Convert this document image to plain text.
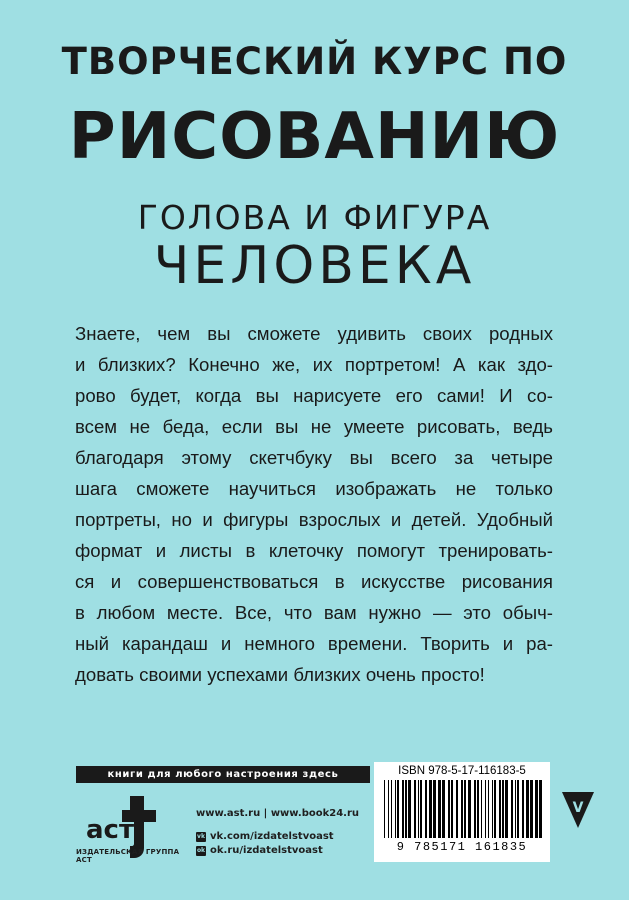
ТВОРЧЕСКИЙ КУРС ПО
РИСОВАНИЮ
ГОЛОВА И ФИГУРА
ЧЕЛОВЕКА
Знаете, чем вы сможете удивить своих родных
и близких? Конечно же, их портретом! А как здо-
рово будет, когда вы нарисуете его сами! И со-
всем не беда, если вы не умеете рисовать, ведь
благодаря этому скетчбуку вы всего за четыре
шага сможете научиться изображать не только
портреты, но и фигуры взрослых и детей. Удобный
формат и листы в клеточку помогут тренировать-
ся и совершенствоваться в искусстве рисования
в любом месте. Все, что вам нужно — это обыч-
ный карандаш и немного времени. Творить и ра-
довать своими успехами близких очень просто!
книги для любого настроения здесь
аст
ИЗДАТЕЛЬСКАЯ ГРУППА АСТ
www.ast.ru | www.book24.ru
vk vk.com/izdatelstvoast
ok ok.ru/izdatelstvoast
ISBN 978-5-17-116183-5
9 785171 161835
V
